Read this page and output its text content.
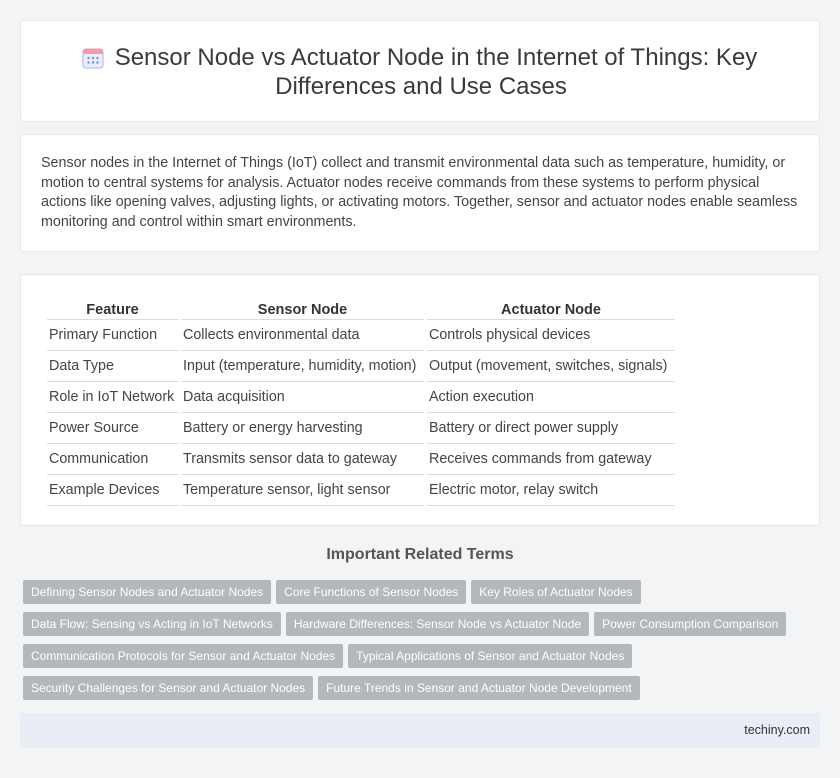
Sensor Node vs Actuator Node in the Internet of Things: Key
Differences and Use Cases

Sensor nodes in the Internet of Things (IoT) collect and transmit environmental data such as temperature, humidity, or motion to central systems for analysis. Actuator nodes receive commands from these systems to perform physical actions like opening valves, adjusting lights, or activating motors. Together, sensor and actuator nodes enable seamless monitoring and control within smart environments.

Feature	Sensor Node	Actuator Node
Primary Function	Collects environmental data	Controls physical devices
Data Type	Input (temperature, humidity, motion)	Output (movement, switches, signals)
Role in IoT Network	Data acquisition	Action execution
Power Source	Battery or energy harvesting	Battery or direct power supply
Communication	Transmits sensor data to gateway	Receives commands from gateway
Example Devices	Temperature sensor, light sensor	Electric motor, relay switch
Important Related Terms
Defining Sensor Nodes and Actuator Nodes Core Functions of Sensor Nodes Key Roles of Actuator Nodes
Data Flow: Sensing vs Acting in IoT Networks Hardware Differences: Sensor Node vs Actuator Node Power Consumption Comparison
Communication Protocols for Sensor and Actuator Nodes Typical Applications of Sensor and Actuator Nodes
Security Challenges for Sensor and Actuator Nodes Future Trends in Sensor and Actuator Node Development
techiny.com
